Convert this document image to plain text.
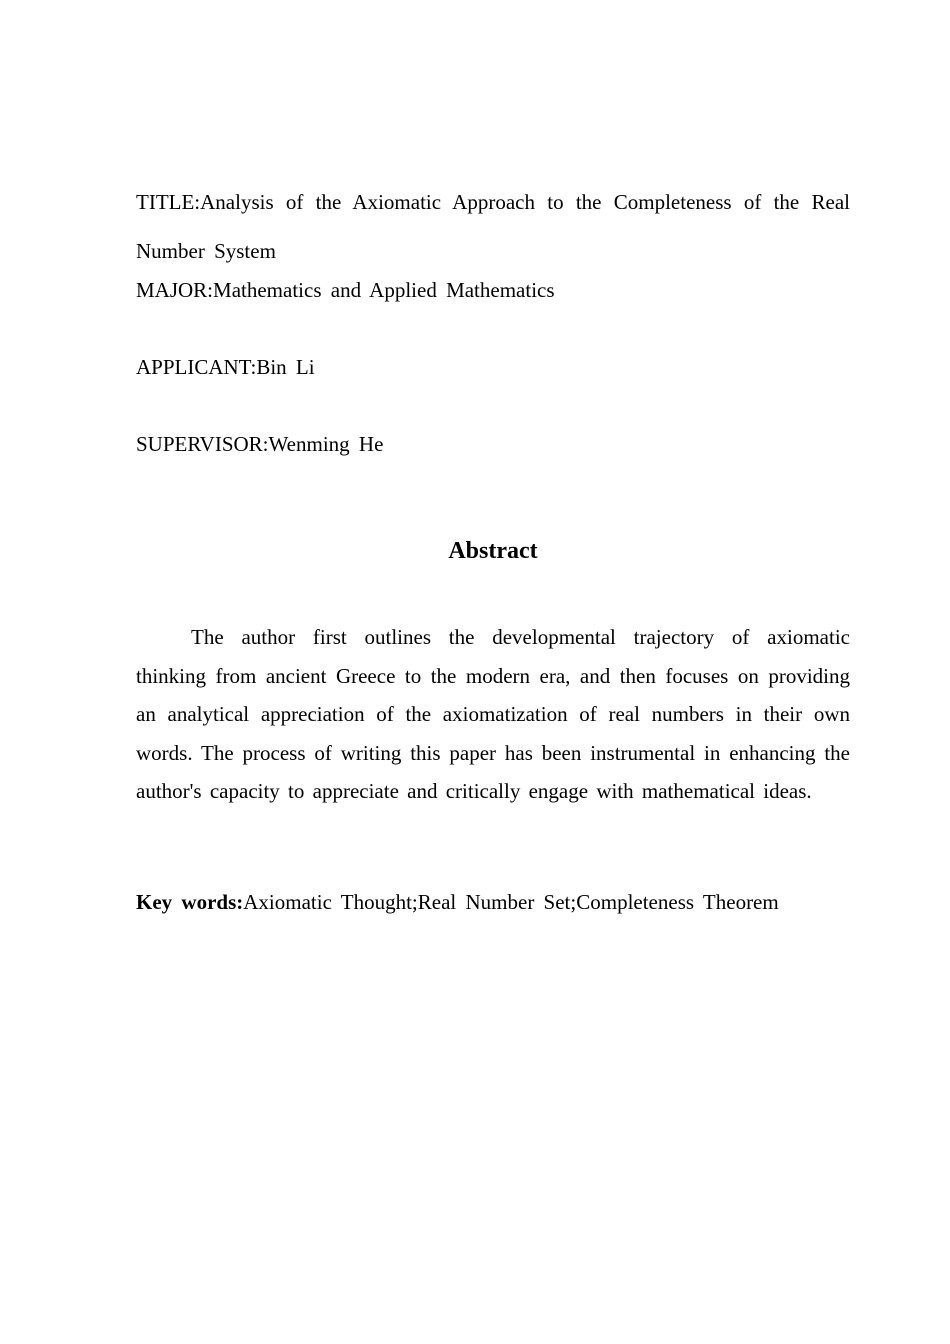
TITLE:Analysis of the Axiomatic Approach to the Completeness of the Real Number System
MAJOR:Mathematics and Applied Mathematics
APPLICANT:Bin Li
SUPERVISOR:Wenming He
Abstract

The author first outlines the developmental trajectory of axiomatic thinking from ancient Greece to the modern era, and then focuses on providing an analytical appreciation of the axiomatization of real numbers in their own words. The process of writing this paper has been instrumental in enhancing the author's capacity to appreciate and critically engage with mathematical ideas.

Key words:Axiomatic Thought;Real Number Set;Completeness Theorem
